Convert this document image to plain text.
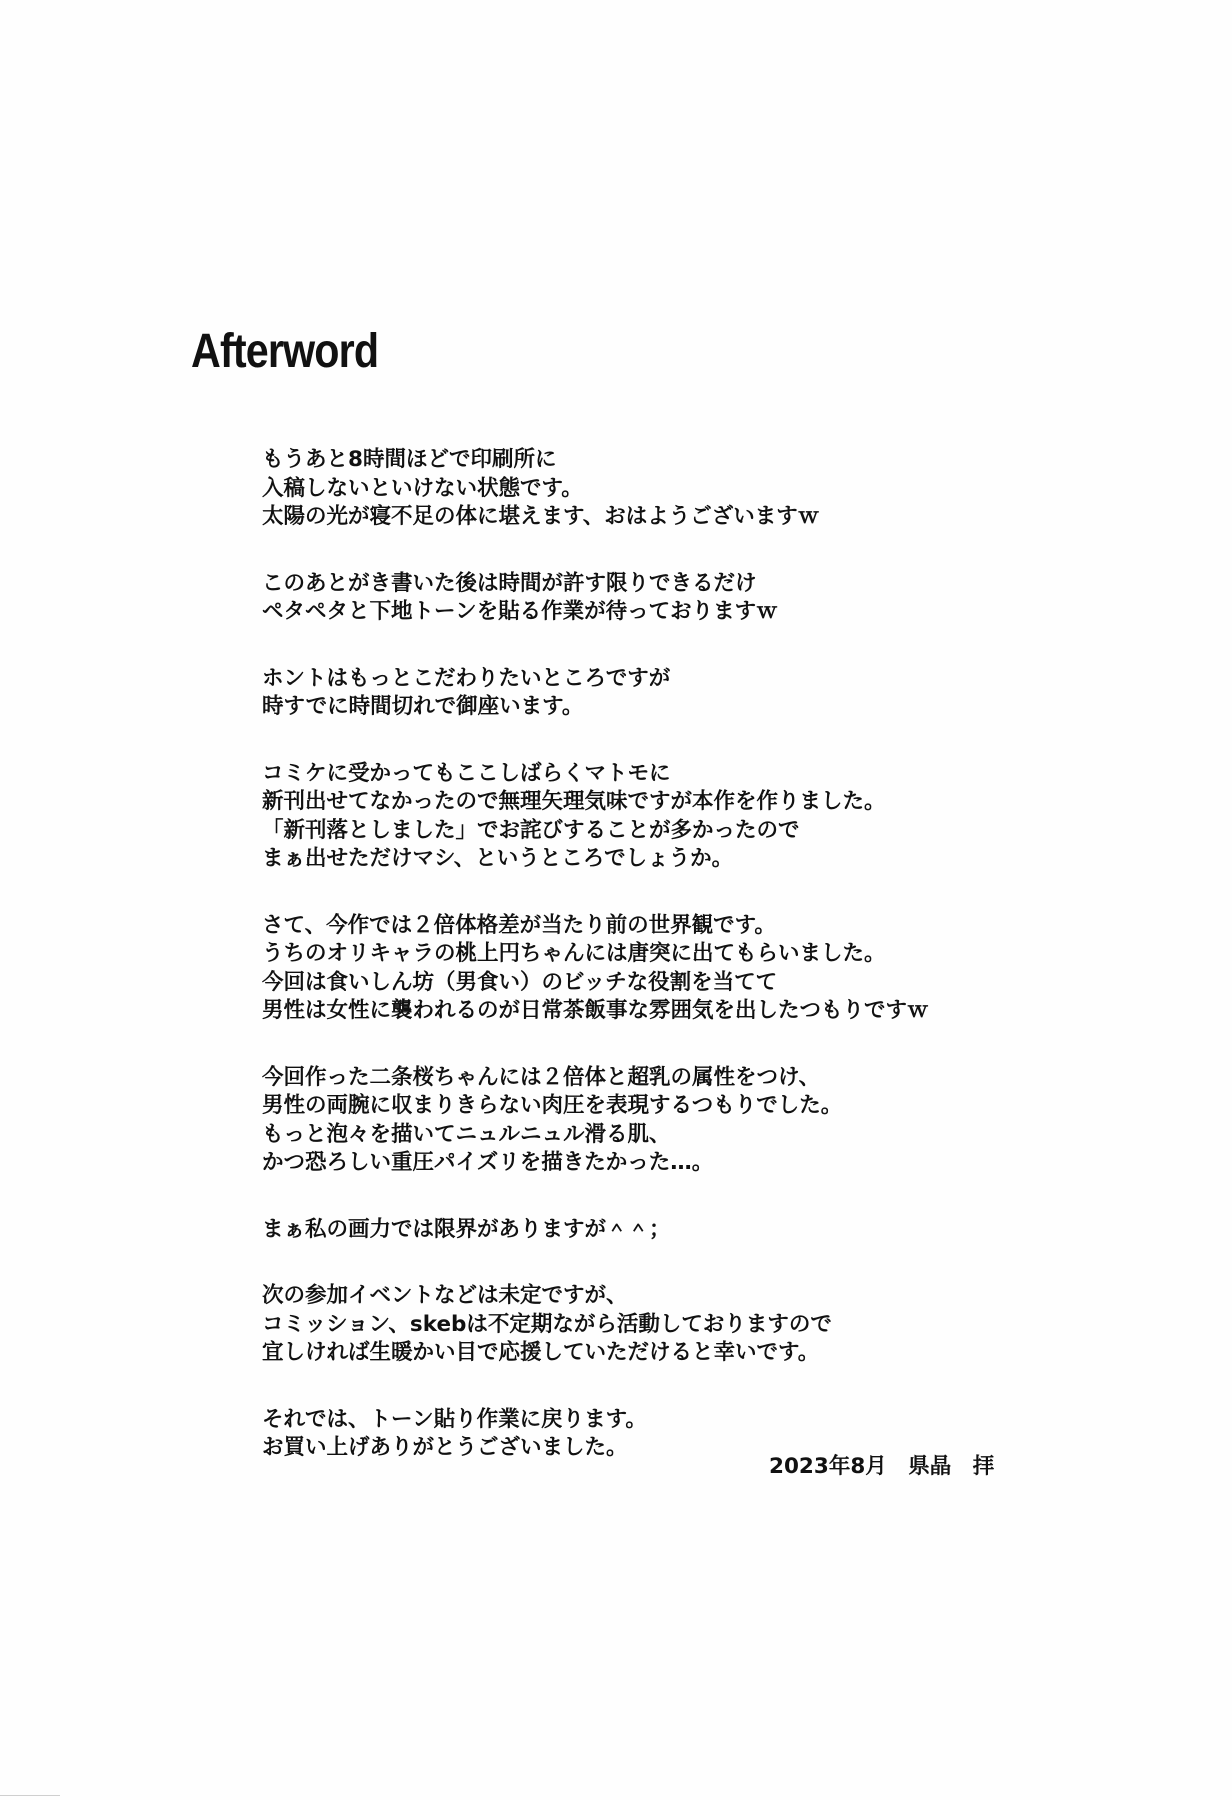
Afterword
もうあと8時間ほどで印刷所に
入稿しないといけない状態です。
太陽の光が寝不足の体に堪えます、おはようございますｗ
このあとがき書いた後は時間が許す限りできるだけ
ペタペタと下地トーンを貼る作業が待っておりますｗ
ホントはもっとこだわりたいところですが
時すでに時間切れで御座います。
コミケに受かってもここしばらくマトモに
新刊出せてなかったので無理矢理気味ですが本作を作りました。
「新刊落としました」でお詫びすることが多かったので
まぁ出せただけマシ、というところでしょうか。
さて、今作では２倍体格差が当たり前の世界観です。
うちのオリキャラの桃上円ちゃんには唐突に出てもらいました。
今回は食いしん坊（男食い）のビッチな役割を当てて
男性は女性に襲われるのが日常茶飯事な雰囲気を出したつもりですｗ
今回作った二条桜ちゃんには２倍体と超乳の属性をつけ、
男性の両腕に収まりきらない肉圧を表現するつもりでした。
もっと泡々を描いてニュルニュル滑る肌、
かつ恐ろしい重圧パイズリを描きたかった…。
まぁ私の画力では限界がありますが＾＾；
次の参加イベントなどは未定ですが、
コミッション、skebは不定期ながら活動しておりますので
宜しければ生暖かい目で応援していただけると幸いです。
それでは、トーン貼り作業に戻ります。
お買い上げありがとうございました。
2023年8月　県晶　拝
